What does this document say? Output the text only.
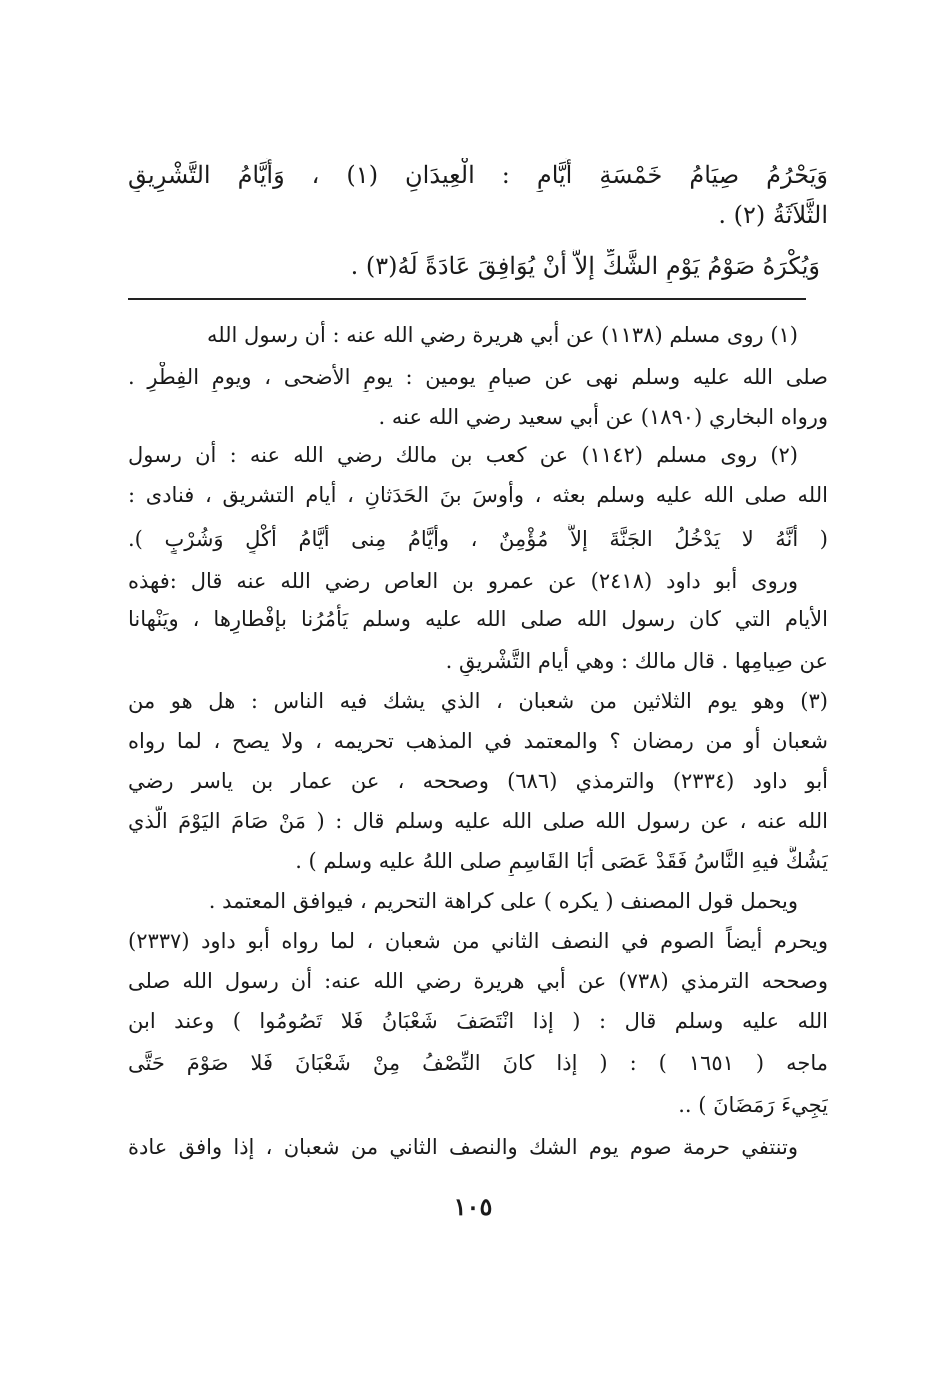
وَيَحْرُمُ صِيَامُ خَمْسَةِ أَيَّامٍ : الْعِيدَانِ (١) ، وَأَيَّامُ التَّشْرِيقِ
الثَّلاَثَةُ (٢) .
وَيُكْرَهُ صَوْمُ يَوْمِ الشَّكِّ إلاَّ أنْ يُوَافِقَ عَادَةً لَهُ(٣) .
(١) روى مسلم (١١٣٨) عن أبي هريرة رضي الله عنه : أن رسول الله
صلى الله عليه وسلم نهى عن صيامِ يومين : يومِ الأضحى ، ويومِ الفِطْرِ .
ورواه البخاري (١٨٩٠) عن أبي سعيد رضي الله عنه .
(٢) روى مسلم (١١٤٢) عن كعب بن مالك رضي الله عنه : أن رسول
الله صلى الله عليه وسلم بعثه ، وأوسَ بنَ الحَدَثانِ ، أيام التشريق ، فنادى :
( أنَّهُ لا يَدْخُلُ الجَنَّةَ إلاَّ مُؤْمِنٌ ، وأيَّامُ مِنى أيَّامُ أكْلٍ وَشُرْبٍ ).
وروى أبو داود (٢٤١٨) عن عمرو بن العاص رضي الله عنه قال :فهذه
الأيام التي كان رسول الله صلى الله عليه وسلم يَأمُرُنا بإفْطارِها ، ويَنْهانا
عن صِيامِها . قال مالك : وهي أيام التَّشْريقِ .
(٣) وهو يوم الثلاثين من شعبان ، الذي يشك فيه الناس : هل هو من
شعبان أو من رمضان ؟ والمعتمد في المذهب تحريمه ، ولا يصح ، لما رواه
أبو داود (٢٣٣٤) والترمذي (٦٨٦) وصححه ، عن عمار بن ياسر رضي
الله عنه ، عن رسول الله صلى الله عليه وسلم قال : ( مَنْ صَامَ اليَوْمَ الَّذي
يَشُكُّ فيهِ النَّاسُ فَقَدْ عَصَى أبَا القَاسِمِ صلى اللهُ عليه وسلم ) .
ويحمل قول المصنف ( يكره ) على كراهة التحريم ، فيوافق المعتمد .
ويحرم أيضاً الصوم في النصف الثاني من شعبان ، لما رواه أبو داود (٢٣٣٧)
وصححه الترمذي (٧٣٨) عن أبي هريرة رضي الله عنه: أن رسول الله صلى
الله عليه وسلم قال : ( إذا انْتَصَفَ شَعْبَانُ فَلا تَصُومُوا ) وعند ابن
ماجه ( ١٦٥١ ) : ( إذا كانَ النِّصْفُ مِنْ شَعْبَانَ فَلا صَوْمَ حَتَّى
يَجِيءَ رَمَضَانَ ) ..
وتنتفي حرمة صوم يوم الشك والنصف الثاني من شعبان ، إذا وافق عادة
١٠٥
